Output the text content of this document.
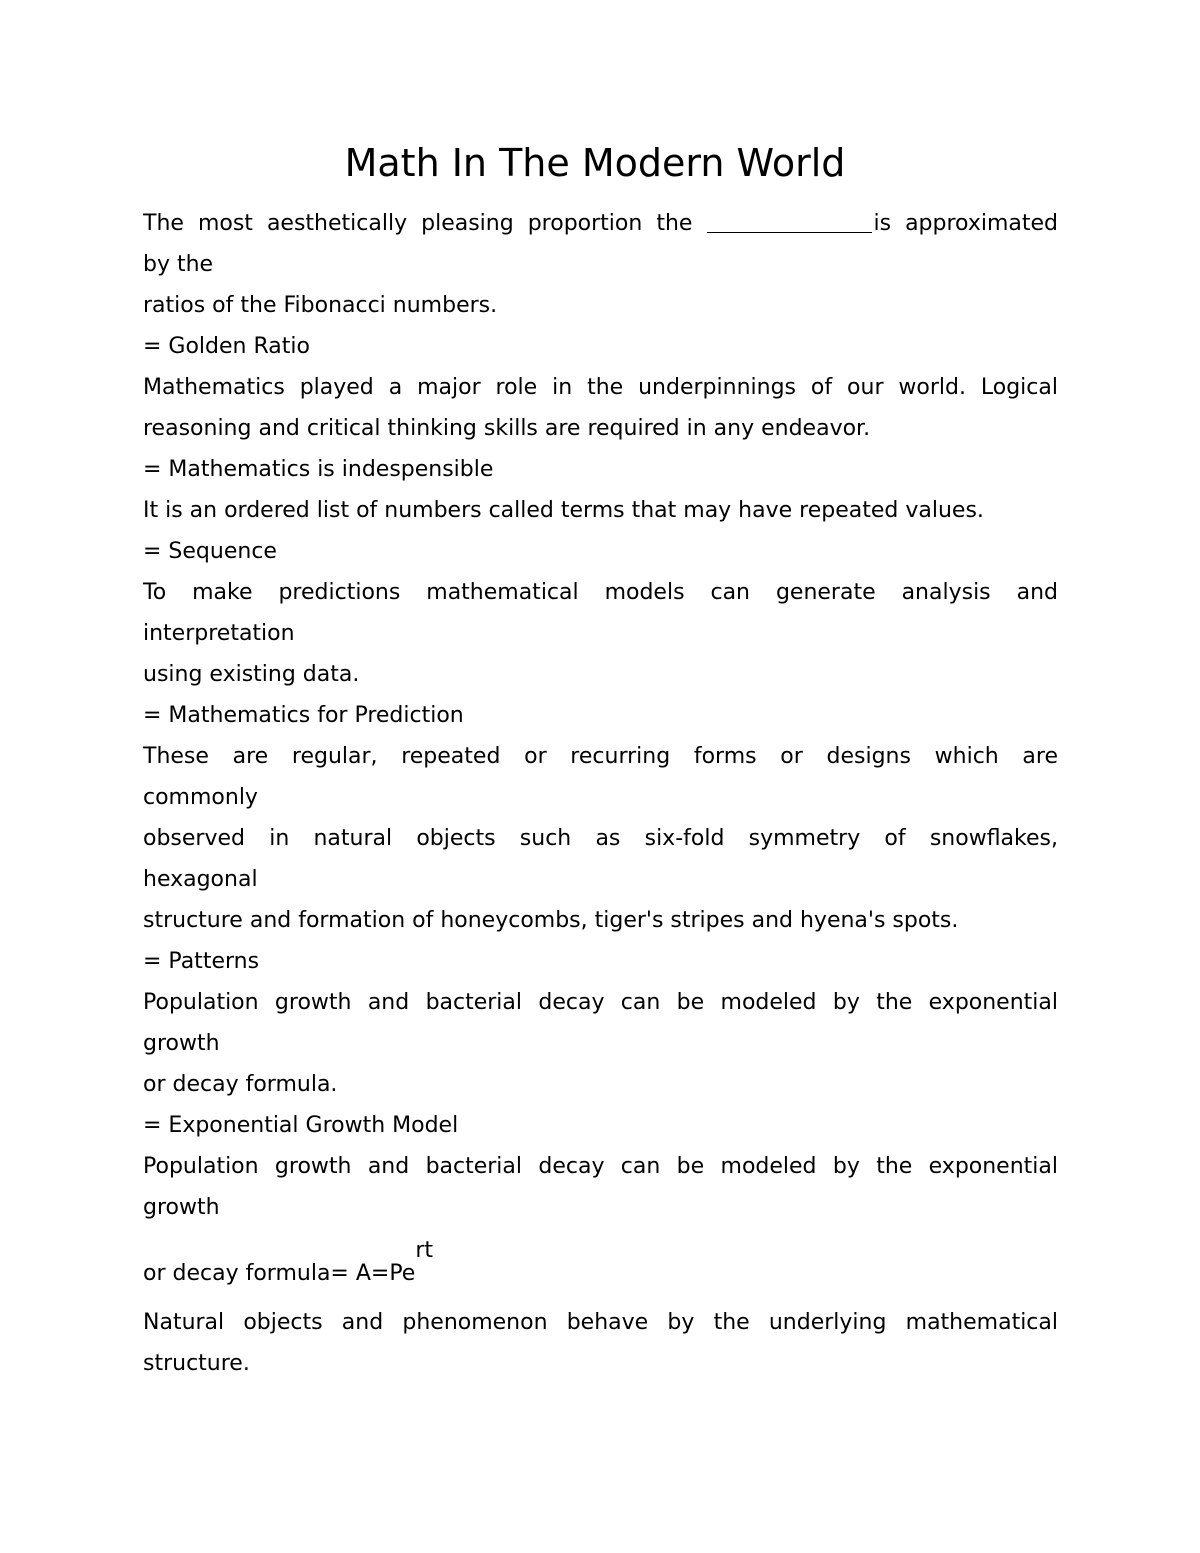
Math In The Modern World
The most aesthetically pleasing proportion the	is approximated
by the
ratios of the Fibonacci numbers.
= Golden Ratio
Mathematics played a major role in the underpinnings of our world. Logical
reasoning and critical thinking skills are required in any endeavor.
= Mathematics is indespensible
It is an ordered list of numbers called terms that may have repeated values.
= Sequence
To make predictions mathematical models can generate analysis and
interpretation
using existing data.
= Mathematics for Prediction
These are regular, repeated or recurring forms or designs which are
commonly
observed in natural objects such as six-fold symmetry of snowflakes,
hexagonal
structure and formation of honeycombs, tiger's stripes and hyena's spots.
= Patterns
Population growth and bacterial decay can be modeled by the exponential
growth
or decay formula.
= Exponential Growth Model
Population growth and bacterial decay can be modeled by the exponential
growth
or decay formula= A=Pert
Natural objects and phenomenon behave by the underlying mathematical
structure.
